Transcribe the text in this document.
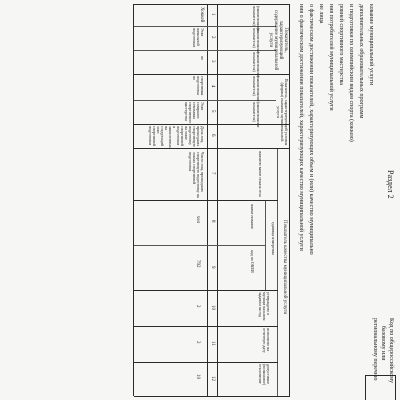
Раздел 2
Код по общероссийскому
базовому или
региональному перечню
кование муниципальной услуги
дополнительных образовательных программ
и подготовки по олимпийским видам спорта (хоккею)
ровней спортивного мастерства
ния потребителей муниципальной услуги
ие лица
о фактическом достижении показателей, характеризующих объем и (или) качество муниципально
ния о фактическом достижении показателей, характеризующих качество муниципальной услуги
Показатель, характеризующий содержание муниципальной услуги
Показатель, характеризующий условия (формы) оказания муниципальной услуги
Показатель качества муниципальной услуги
(наименование показателя)
(наименование показателя)
(наименование показателя)
(наименование показателя)
(наименование показателя)
наимено вание показа теля
единица измерения
наиме нование
код по ОКЕИ
утверждено в муници пальном задании на год
исполнено на отчетную дату
допустимое (возможное) отклонение
1
2
3
4
5
6
7
8
9
10
11
12
Хоккей
Этап начальной подготовки
по
спортивная подготовка по
Этап совершен ствования спортивного мастерства
Доля лиц, прошедших спортивную подготовку на этапе спортивной подготовки и зачисленных на следующий этап спортивной подготовки
Число лиц, прошедших спортивную подготовку на этапах спортивной подготовки
чел
792
2
2
10
